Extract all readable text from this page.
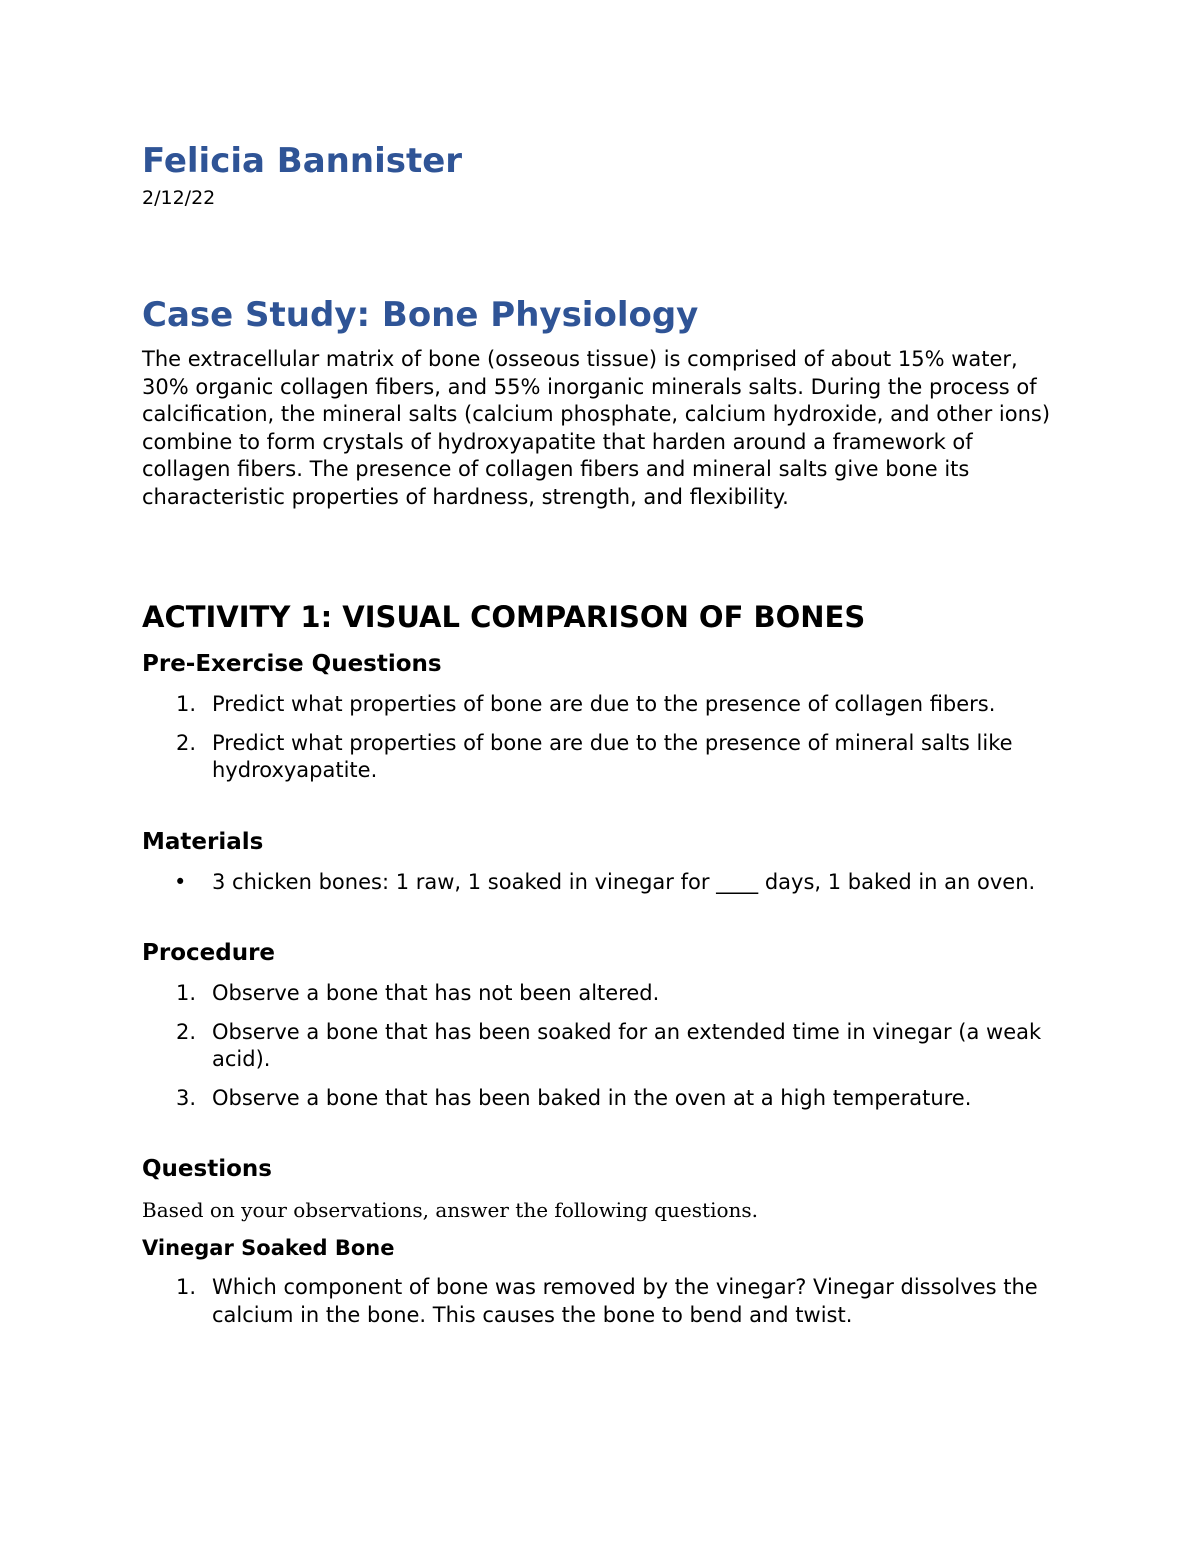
Felicia Bannister

2/12/22

Case Study: Bone Physiology

The extracellular matrix of bone (osseous tissue) is comprised of about 15% water, 30% organic collagen fibers, and 55% inorganic minerals salts. During the process of calcification, the mineral salts (calcium phosphate, calcium hydroxide, and other ions) combine to form crystals of hydroxyapatite that harden around a framework of collagen fibers. The presence of collagen fibers and mineral salts give bone its characteristic properties of hardness, strength, and flexibility.

ACTIVITY 1: VISUAL COMPARISON OF BONES
Pre-Exercise Questions
1. Predict what properties of bone are due to the presence of collagen fibers.
2. Predict what properties of bone are due to the presence of mineral salts like hydroxyapatite.
Materials
• 3 chicken bones: 1 raw, 1 soaked in vinegar for ____ days, 1 baked in an oven.
Procedure
1. Observe a bone that has not been altered.
2. Observe a bone that has been soaked for an extended time in vinegar (a weak acid).
3. Observe a bone that has been baked in the oven at a high temperature.
Questions

Based on your observations, answer the following questions.

Vinegar Soaked Bone
1. Which component of bone was removed by the vinegar? Vinegar dissolves the calcium in the bone. This causes the bone to bend and twist.
